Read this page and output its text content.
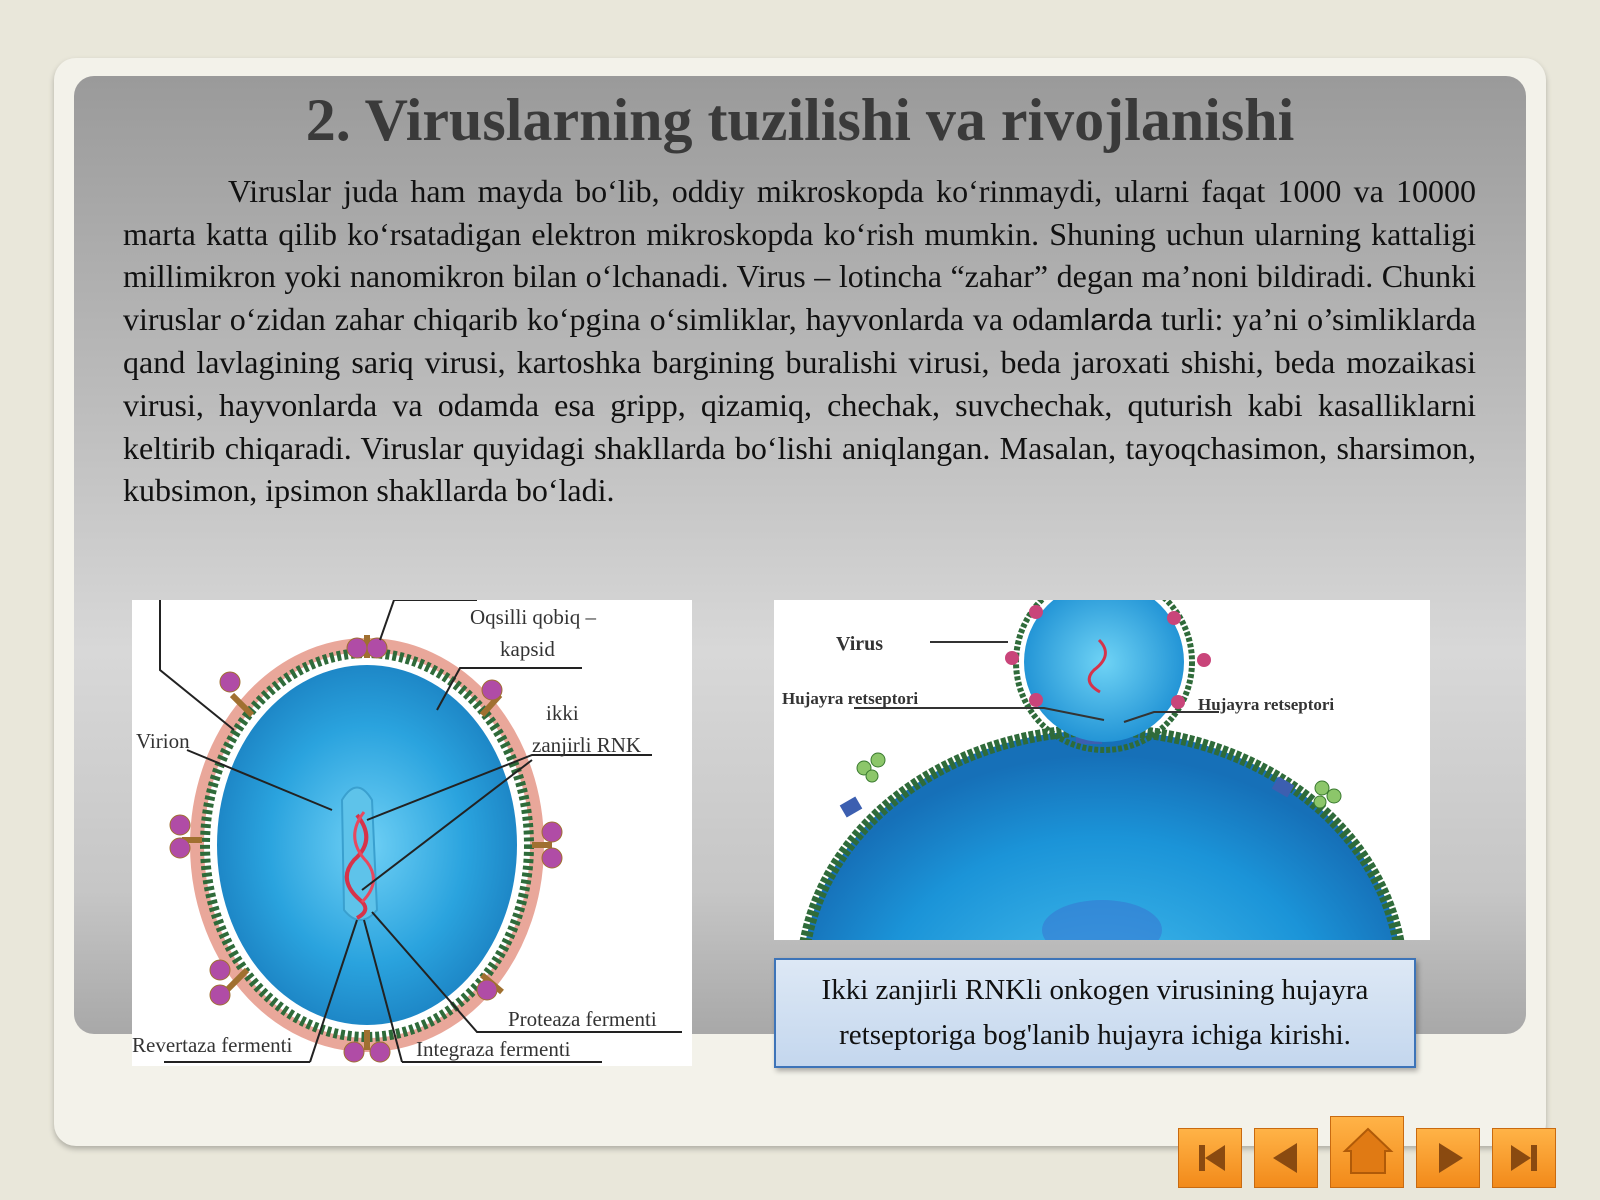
2. Viruslarning tuzilishi va rivojlanishi

Viruslar juda ham mayda bo‘lib, oddiy mikroskopda ko‘rinmaydi, ularni faqat 1000 va 10000 marta katta qilib ko‘rsatadigan elektron mikroskopda ko‘rish mumkin. Shuning uchun ularning kattaligi millimikron yoki nanomikron bilan o‘lchanadi. Virus – lotincha “zahar” degan ma’noni bildiradi. Chunki viruslar o‘zidan zahar chiqarib ko‘pgina o‘simliklar, hayvonlarda va odamlarda turli: ya’ni o’simliklarda qand lavlagining sariq virusi, kartoshka bargining buralishi virusi, beda jaroxati shishi, beda mozaikasi virusi, hayvonlarda va odamda esa gripp, qizamiq, chechak, suvchechak, quturish kabi kasalliklarni keltirib chiqaradi. Viruslar quyidagi shakllarda bo‘lishi aniqlangan. Masalan, tayoqchasimon, sharsimon, kubsimon, ipsimon shakllarda bo‘ladi.

Oqsilli qobiq –
kapsid
ikki
zanjirli RNK
Virion
Proteaza fermenti
Revertaza fermenti	Integraza fermenti
Virus
Hujayra retseptori	Hujayra retseptori
Ikki zanjirli RNKli onkogen virusining hujayra retseptoriga bog'lanib hujayra ichiga kirishi.
